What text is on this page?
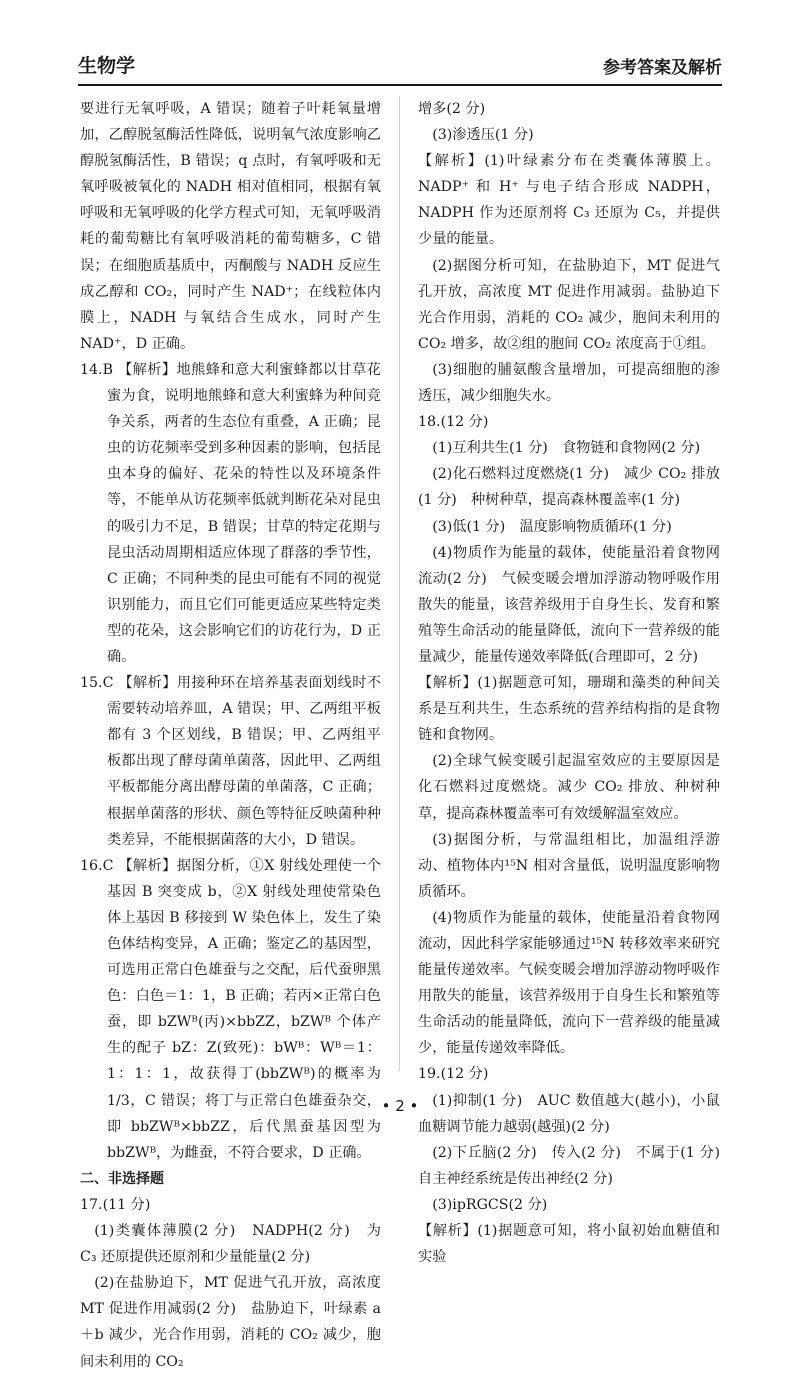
生物学	参考答案及解析

要进行无氧呼吸，A 错误；随着子叶耗氧量增加，乙醇脱氢酶活性降低，说明氧气浓度影响乙醇脱氢酶活性，B 错误；q 点时，有氧呼吸和无氧呼吸被氧化的 NADH 相对值相同，根据有氧呼吸和无氧呼吸的化学方程式可知，无氧呼吸消耗的葡萄糖比有氧呼吸消耗的葡萄糖多，C 错误；在细胞质基质中，丙酮酸与 NADH 反应生成乙醇和 CO₂，同时产生 NAD⁺；在线粒体内膜上，NADH 与氧结合生成水，同时产生 NAD⁺，D 正确。

14.B 【解析】地熊蜂和意大利蜜蜂都以甘草花蜜为食，说明地熊蜂和意大利蜜蜂为种间竞争关系，两者的生态位有重叠，A 正确；昆虫的访花频率受到多种因素的影响，包括昆虫本身的偏好、花朵的特性以及环境条件等，不能单从访花频率低就判断花朵对昆虫的吸引力不足，B 错误；甘草的特定花期与昆虫活动周期相适应体现了群落的季节性，C 正确；不同种类的昆虫可能有不同的视觉识别能力，而且它们可能更适应某些特定类型的花朵，这会影响它们的访花行为，D 正确。

15.C 【解析】用接种环在培养基表面划线时不需要转动培养皿，A 错误；甲、乙两组平板都有 3 个区划线，B 错误；甲、乙两组平板都出现了酵母菌单菌落，因此甲、乙两组平板都能分离出酵母菌的单菌落，C 正确；根据单菌落的形状、颜色等特征反映菌种种类差异，不能根据菌落的大小，D 错误。

16.C 【解析】据图分析，①X 射线处理使一个基因 B 突变成 b，②X 射线处理使常染色体上基因 B 移接到 W 染色体上，发生了染色体结构变异，A 正确；鉴定乙的基因型，可选用正常白色雄蚕与之交配，后代蚕卵黑色：白色＝1：1，B 正确；若丙×正常白色蚕，即 bZWᴮ(丙)×bbZZ，bZWᴮ 个体产生的配子 bZ：Z(致死)：bWᴮ：Wᴮ＝1：1：1：1，故获得丁(bbZWᴮ)的概率为 1/3，C 错误；将丁与正常白色雄蚕杂交，即 bbZWᴮ×bbZZ，后代黑蚕基因型为 bbZWᴮ，为雌蚕，不符合要求，D 正确。

二、非选择题

17.(11 分)

(1)类囊体薄膜(2 分)　NADPH(2 分)　为 C₃ 还原提供还原剂和少量能量(2 分)

(2)在盐胁迫下，MT 促进气孔开放，高浓度 MT 促进作用减弱(2 分)　盐胁迫下，叶绿素 a＋b 减少，光合作用弱，消耗的 CO₂ 减少，胞间未利用的 CO₂

增多(2 分)

(3)渗透压(1 分)

【解析】(1)叶绿素分布在类囊体薄膜上。NADP⁺ 和 H⁺ 与电子结合形成 NADPH，NADPH 作为还原剂将 C₃ 还原为 C₅，并提供少量的能量。

(2)据图分析可知，在盐胁迫下，MT 促进气孔开放，高浓度 MT 促进作用减弱。盐胁迫下光合作用弱，消耗的 CO₂ 减少，胞间未利用的 CO₂ 增多，故②组的胞间 CO₂ 浓度高于①组。

(3)细胞的脯氨酸含量增加，可提高细胞的渗透压，减少细胞失水。

18.(12 分)

(1)互利共生(1 分)　食物链和食物网(2 分)

(2)化石燃料过度燃烧(1 分)　减少 CO₂ 排放(1 分)　种树种草，提高森林覆盖率(1 分)

(3)低(1 分)　温度影响物质循环(1 分)

(4)物质作为能量的载体，使能量沿着食物网流动(2 分)　气候变暖会增加浮游动物呼吸作用散失的能量，该营养级用于自身生长、发育和繁殖等生命活动的能量降低，流向下一营养级的能量减少，能量传递效率降低(合理即可，2 分)

【解析】(1)据题意可知，珊瑚和藻类的种间关系是互利共生，生态系统的营养结构指的是食物链和食物网。

(2)全球气候变暖引起温室效应的主要原因是化石燃料过度燃烧。减少 CO₂ 排放、种树种草，提高森林覆盖率可有效缓解温室效应。

(3)据图分析，与常温组相比，加温组浮游动、植物体内¹⁵N 相对含量低，说明温度影响物质循环。

(4)物质作为能量的载体，使能量沿着食物网流动，因此科学家能够通过¹⁵N 转移效率来研究能量传递效率。气候变暖会增加浮游动物呼吸作用散失的能量，该营养级用于自身生长和繁殖等生命活动的能量降低，流向下一营养级的能量减少，能量传递效率降低。

19.(12 分)

(1)抑制(1 分)　AUC 数值越大(越小)，小鼠血糖调节能力越弱(越强)(2 分)

(2)下丘脑(2 分)　传入(2 分)　不属于(1 分)　自主神经系统是传出神经(2 分)

(3)ipRGCS(2 分)

【解析】(1)据题意可知，将小鼠初始血糖值和实验

• 2 •
